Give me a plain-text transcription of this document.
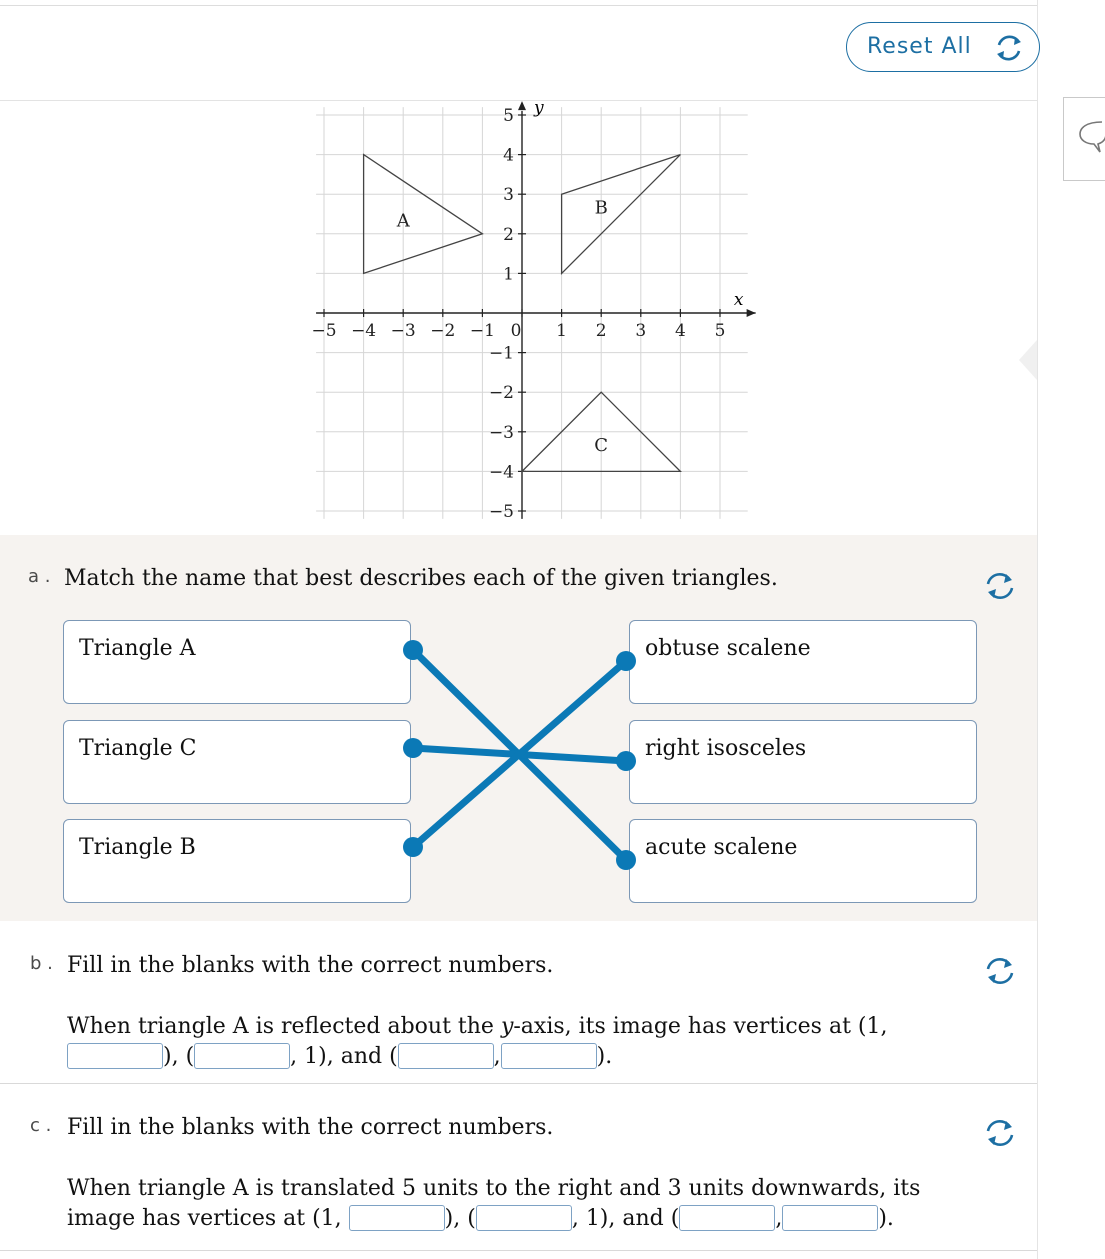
Reset All
x
y
−5 −4 −3 −2 −1 0 1 2 3 4 5
5
4
3
2
1
−1
−2
−3
−4
−5
A
B
C
a . Match the name that best describes each of the given triangles.
Triangle A
Triangle C
Triangle B
obtuse scalene
right isosceles
acute scalene
b . Fill in the blanks with the correct numbers.
When triangle A is reflected about the y-axis, its image has vertices at (1,
), (	, 1), and (	,	).
c . Fill in the blanks with the correct numbers.
When triangle A is translated 5 units to the right and 3 units downwards, its
image has vertices at (1,	), (	, 1), and (	,	).
